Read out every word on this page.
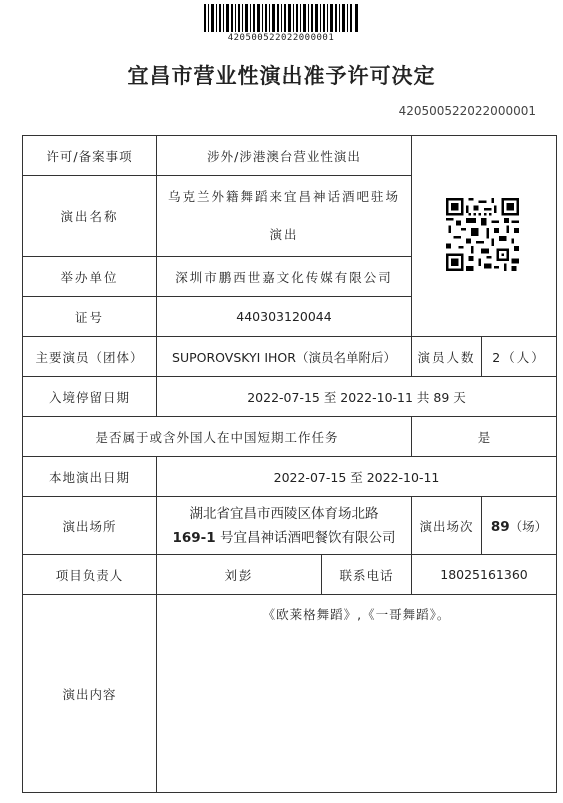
420500522022000001
宜昌市营业性演出准予许可决定
420500522022000001
许可/备案事项	涉外/涉港澳台营业性演出			
演出名称	乌克兰外籍舞蹈来宜昌神话酒吧驻场
演出			

举办单位	深圳市鹏西世嘉文化传媒有限公司			
证号	440303120044			
主要演员（团体）	SUPOROVSKYI IHOR（演员名单附后）		演员人数	2（人）
入境停留日期	2022-07-15 至 2022-10-11 共 89 天			
是否属于或含外国人在中国短期工作任务			是	
本地演出日期	2022-07-15 至 2022-10-11			
演出场所	湖北省宜昌市西陵区体育场北路
169-1 号宜昌神话酒吧餐饮有限公司		演出场次	89（场）
项目负责人	刘彭	联系电话	18025161360	
演出内容	《欧莱格舞蹈》,《一哥舞蹈》。			
